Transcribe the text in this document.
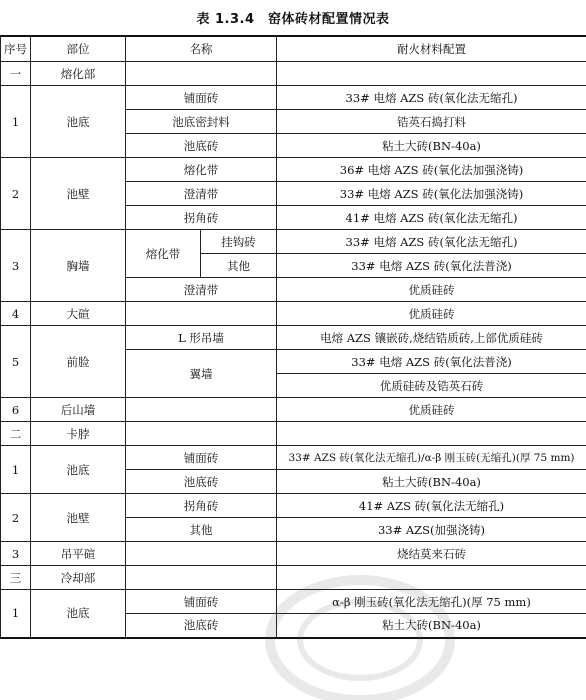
表 1.3.4　窑体砖材配置情况表
序号	部位	名称		耐火材料配置
一	熔化部			
1	池底	铺面砖		33# 电熔 AZS 砖(氧化法无缩孔)
		池底密封料		锆英石捣打料
		池底砖		粘土大砖(BN-40a)
2	池壁	熔化带		36# 电熔 AZS 砖(氧化法加强浇铸)
		澄清带		33# 电熔 AZS 砖(氧化法加强浇铸)
		拐角砖		41# 电熔 AZS 砖(氧化法无缩孔)
3	胸墙	熔化带	挂钩砖	33# 电熔 AZS 砖(氧化法无缩孔)
			其他	33# 电熔 AZS 砖(氧化法普浇)
		澄清带		优质硅砖
4	大碹			优质硅砖
5	前脸	L 形吊墙		电熔 AZS 镶嵌砖,烧结锆质砖,上部优质硅砖
		翼墙		33# 电熔 AZS 砖(氧化法普浇)
				优质硅砖及锆英石砖
6	后山墙			优质硅砖
二	卡脖			
1	池底	铺面砖		33# AZS 砖(氧化法无缩孔)/α-β 刚玉砖(无缩孔)(厚 75 mm)
		池底砖		粘土大砖(BN-40a)
2	池壁	拐角砖		41# AZS 砖(氧化法无缩孔)
		其他		33# AZS(加强浇铸)
3	吊平碹			烧结莫来石砖
三	冷却部			
1	池底	铺面砖		α-β 刚玉砖(氧化法无缩孔)(厚 75 mm)
		池底砖		粘土大砖(BN-40a)
